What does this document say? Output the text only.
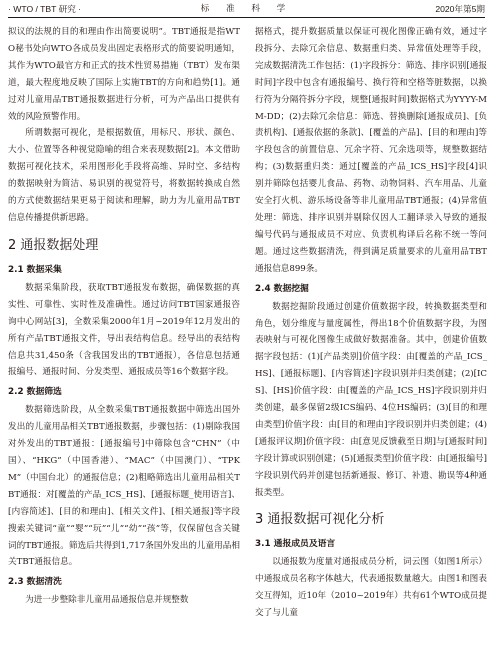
· WTO / TBT 研究 ·	标 准 科 学	2020年第5期

拟议的法规的目的和理由作出简要说明”。TBT通报是指WTO秘书处向WTO各成员发出固定表格形式的简要说明通知，其作为WTO最官方和正式的技术性贸易措施（TBT）发布渠道，最大程度地反映了国际上实施TBT的方向和趋势[1]。通过对儿童用品TBT通报数据进行分析，可为产品出口提供有效的风险预警作用。

所谓数据可视化，是根据数值，用标尺、形状、颜色、大小、位置等各种视觉隐喻的组合来表现数据[2]。本文借助数据可视化技术，采用图形化手段将高维、异时空、多结构的数据映射为简洁、易识别的视觉符号，将数据转换成自然的方式使数据结果更易于阅读和理解，助力为儿童用品TBT信息传播提供新思路。

2 通报数据处理
2.1 数据采集

数据采集阶段，获取TBT通报发布数据，确保数据的真实性、可靠性、实时性及准确性。通过访问TBT国家通报咨询中心网站[3]，全数采集2000年1月~2019年12月发出的所有产品TBT通报文件，导出表结构信息。经导出的表结构信息共31,450条（含我国发出的TBT通报），各信息包括通报编号、通报时间、分发类型、通报成员等16个数据字段。

2.2 数据筛选

数据筛选阶段，从全数采集TBT通报数据中筛选出国外发出的儿童用品相关TBT通报数据，步骤包括：(1)剔除我国对外发出的TBT通报：[通报编号]中筛除包含“CHN”（中国）、“HKG”（中国香港）、“MAC”（中国澳门）、“TPKM”（中国台北）的通报信息；(2)粗略筛选出儿童用品相关TBT通报：对[覆盖的产品_ICS_HS]、[通报标题_使用语言]、[内容简述]、[目的和理由]、[相关文件]、[相关通报]等字段搜索关键词“童”“婴”“玩”“儿”“幼”“孩”等，仅保留包含关键词的TBT通报。筛选后共得到1,717条国外发出的儿童用品相关TBT通报信息。

2.3 数据清洗

为进一步整除非儿童用品通报信息并规整数

据格式，提升数据质量以保证可视化图像正确有效，通过字段拆分、去除冗余信息、数据重归类、异常值处理等手段，完成数据清洗工作包括：(1)字段拆分：筛选、排序识别[通报时间]字段中包含有通报编号、换行符和空格等脏数据，以换行符为分隔符拆分字段，规整[通报时间]数据格式为YYYY-MM-DD；(2)去除冗余信息：筛选、替换删除[通报成员]、[负责机构]、[通报依据的条款]、[覆盖的产品]、[目的和理由]等字段包含的前置信息、冗余字符、冗余选项等，规整数据结构；(3)数据重归类：通过[覆盖的产品_ICS_HS]字段[4]识别并筛除包括婴儿食品、药物、动物饲料、汽车用品、儿童安全打火机、游乐场设备等非儿童用品TBT通报；(4)异常值处理：筛选、排序识别并剔除仅因人工翻译录入导致的通报编号代码与通报成员不对应、负责机构译后名称不统一等问题。通过这些数据清洗，得到满足质量要求的儿童用品TBT通报信息899条。

2.4 数据挖掘

数据挖掘阶段通过创建价值数据字段，转换数据类型和角色，划分维度与量度属性，得出18个价值数据字段，为图表映射与可视化图像生成做好数据准备。其中，创建价值数据字段包括：(1)[产品类别]价值字段：由[覆盖的产品_ICS_HS]、[通报标题]、[内容简述]字段识别并归类创建；(2)[ICS]、[HS]价值字段：由[覆盖的产品_ICS_HS]字段识别并归类创建，最多保留2级ICS编码、4位HS编码；(3)[目的和理由类型]价值字段：由[目的和理由]字段识别并归类创建；(4)[通报评议期]价值字段：由[意见反馈截至日期]与[通报时间]字段计算或识别创建；(5)[通报类型]价值字段：由[通报编号]字段识别代码并创建包括新通报、修订、补遗、勘误等4种通报类型。

3 通报数据可视化分析
3.1 通报成员及语言

以通报数为度量对通报成员分析，词云图（如图1所示）中通报成员名称字体越大，代表通报数量越大。由图1和图表交互得知，近10年（2010~2019年）共有61个WTO成员提交了与儿童
